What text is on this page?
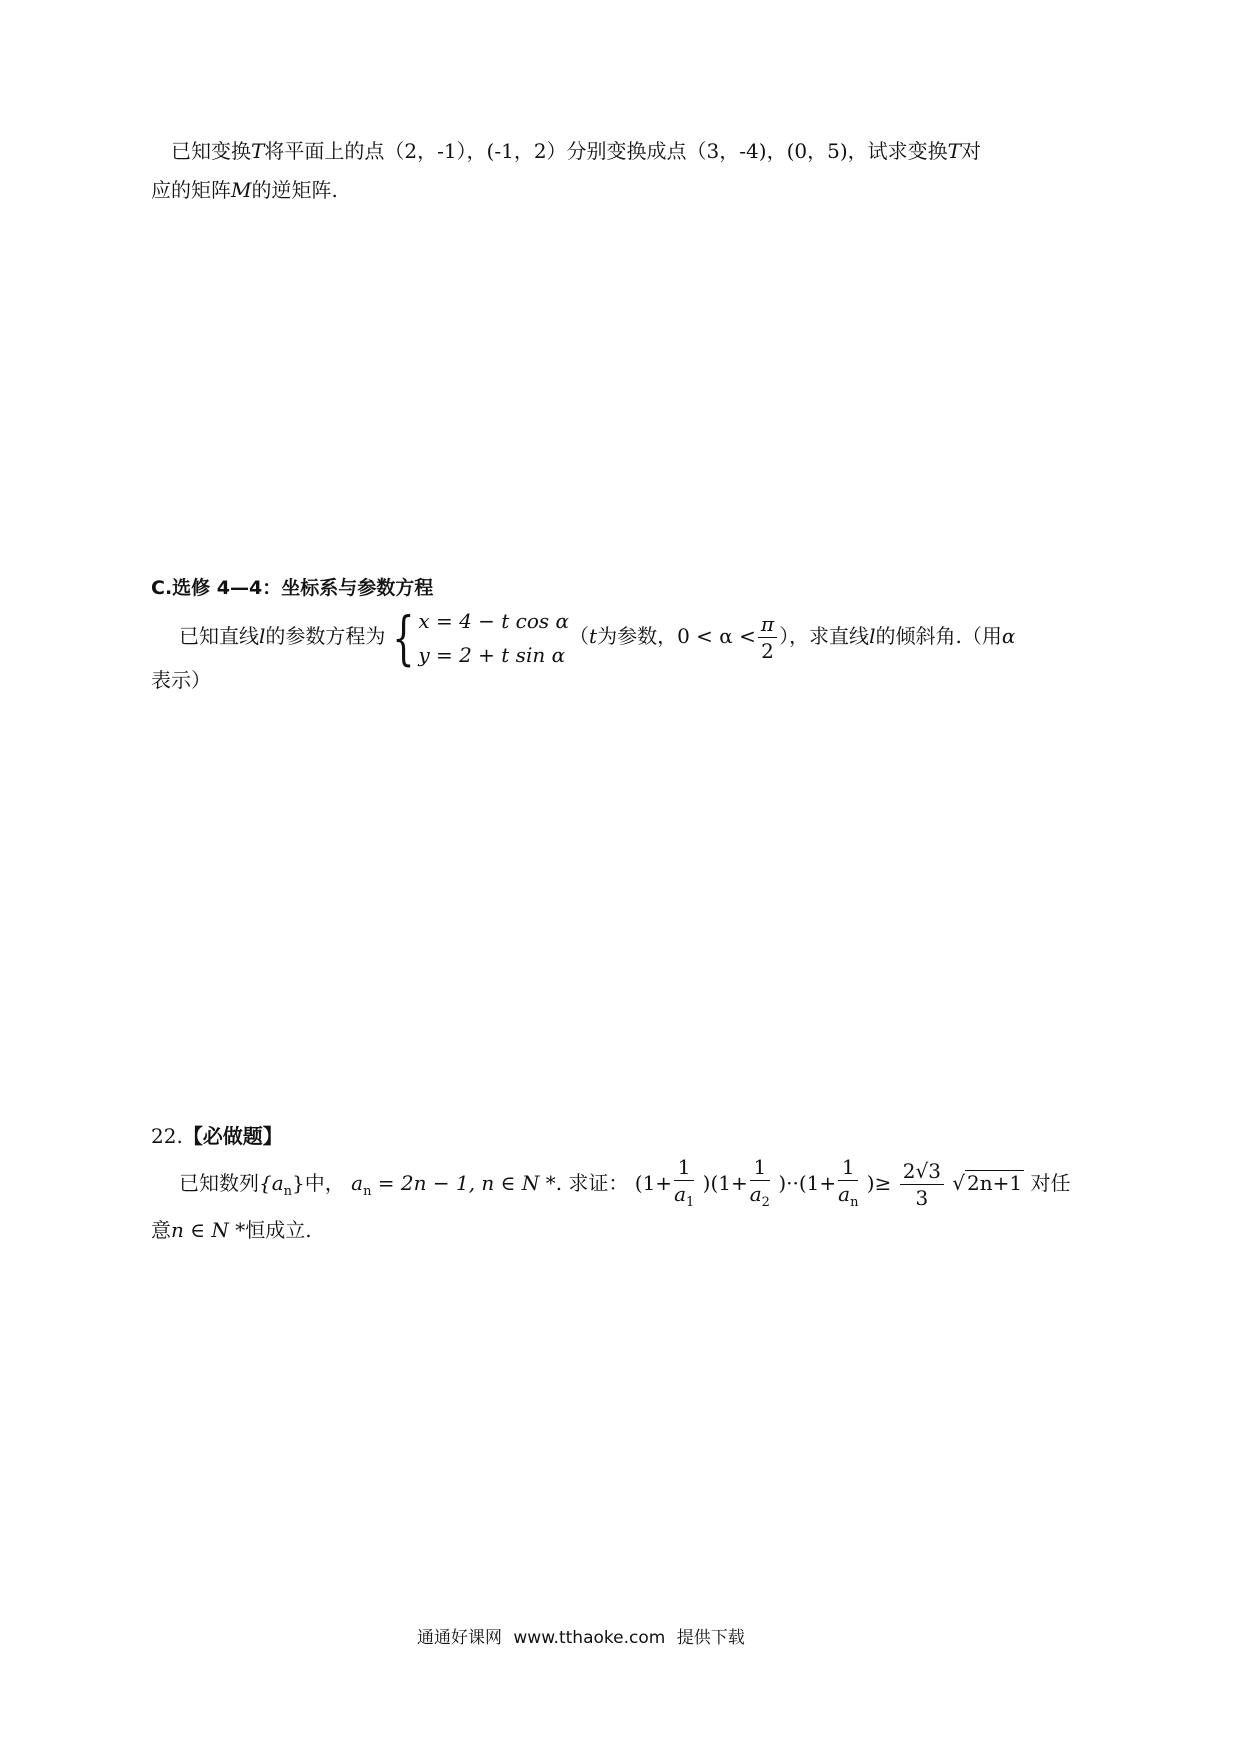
已知变换T将平面上的点（2，-1），(-1，2）分别变换成点（3，-4)，(0，5)，试求变换T对
应的矩阵M的逆矩阵.
C.选修 4—4：坐标系与参数方程
已知直线l的参数方程为 { x = 4 − t cos α
y = 2 + t sin α
（t为参数，$0 < \alpha < \frac{\pi}{2}$ ），求直线l的倾斜角.（用α
表示）
22.【必做题】
已知数列$\{a_n\}$中， $a_n = 2n - 1$, n ∈ N *. 求证： $(1+ \frac{1}{a_1} )(1+ \frac{1}{a_2} )\cdot\cdot(1+ \frac{1}{a_n}$ )≥ $\frac{2√3}{3}$ √ 2n+1 对任
意n ∈ N *恒成立.
通通好课网 www.tthaoke.com 提供下载
